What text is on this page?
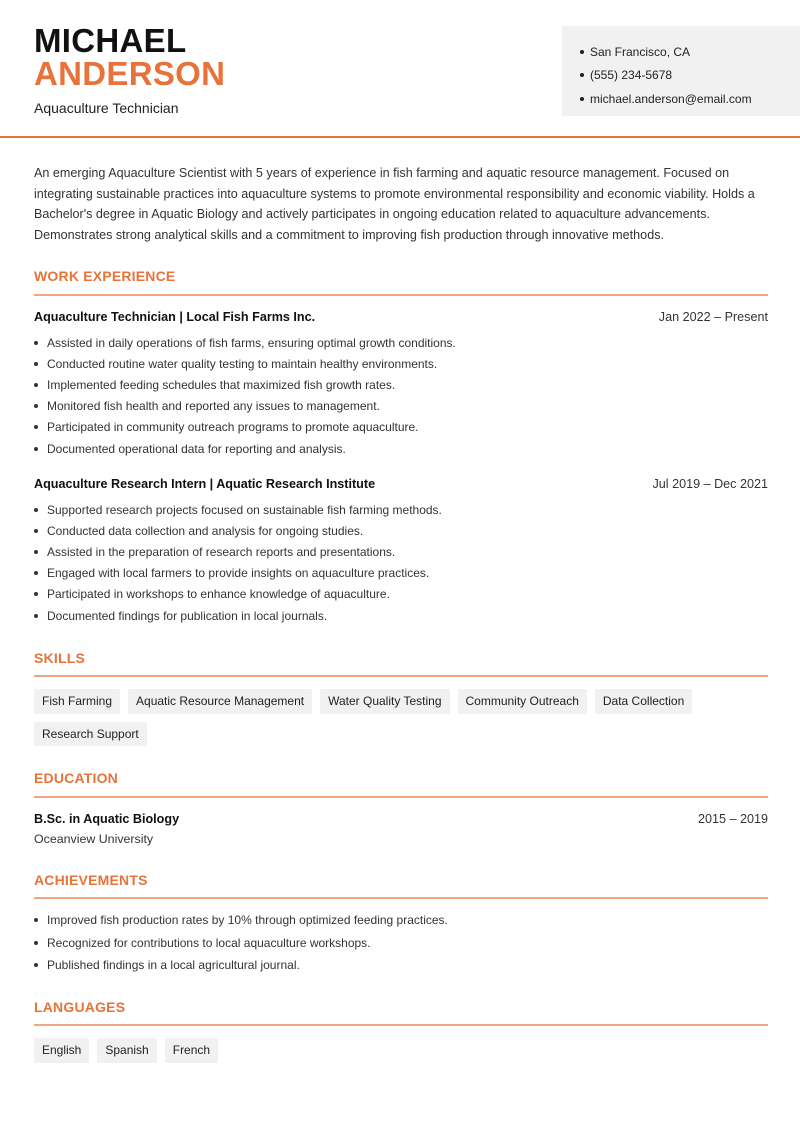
MICHAEL
ANDERSON
Aquaculture Technician
San Francisco, CA
(555) 234-5678
michael.anderson@email.com
An emerging Aquaculture Scientist with 5 years of experience in fish farming and aquatic resource management. Focused on integrating sustainable practices into aquaculture systems to promote environmental responsibility and economic viability. Holds a Bachelor's degree in Aquatic Biology and actively participates in ongoing education related to aquaculture advancements. Demonstrates strong analytical skills and a commitment to improving fish production through innovative methods.
WORK EXPERIENCE
Aquaculture Technician | Local Fish Farms Inc.	Jan 2022 – Present
Assisted in daily operations of fish farms, ensuring optimal growth conditions.
Conducted routine water quality testing to maintain healthy environments.
Implemented feeding schedules that maximized fish growth rates.
Monitored fish health and reported any issues to management.
Participated in community outreach programs to promote aquaculture.
Documented operational data for reporting and analysis.
Aquaculture Research Intern | Aquatic Research Institute	Jul 2019 – Dec 2021
Supported research projects focused on sustainable fish farming methods.
Conducted data collection and analysis for ongoing studies.
Assisted in the preparation of research reports and presentations.
Engaged with local farmers to provide insights on aquaculture practices.
Participated in workshops to enhance knowledge of aquaculture.
Documented findings for publication in local journals.
SKILLS
Fish Farming	Aquatic Resource Management	Water Quality Testing	Community Outreach	Data Collection
Research Support
EDUCATION
B.Sc. in Aquatic Biology	2015 – 2019
Oceanview University
ACHIEVEMENTS
Improved fish production rates by 10% through optimized feeding practices.
Recognized for contributions to local aquaculture workshops.
Published findings in a local agricultural journal.
LANGUAGES
English	Spanish	French
